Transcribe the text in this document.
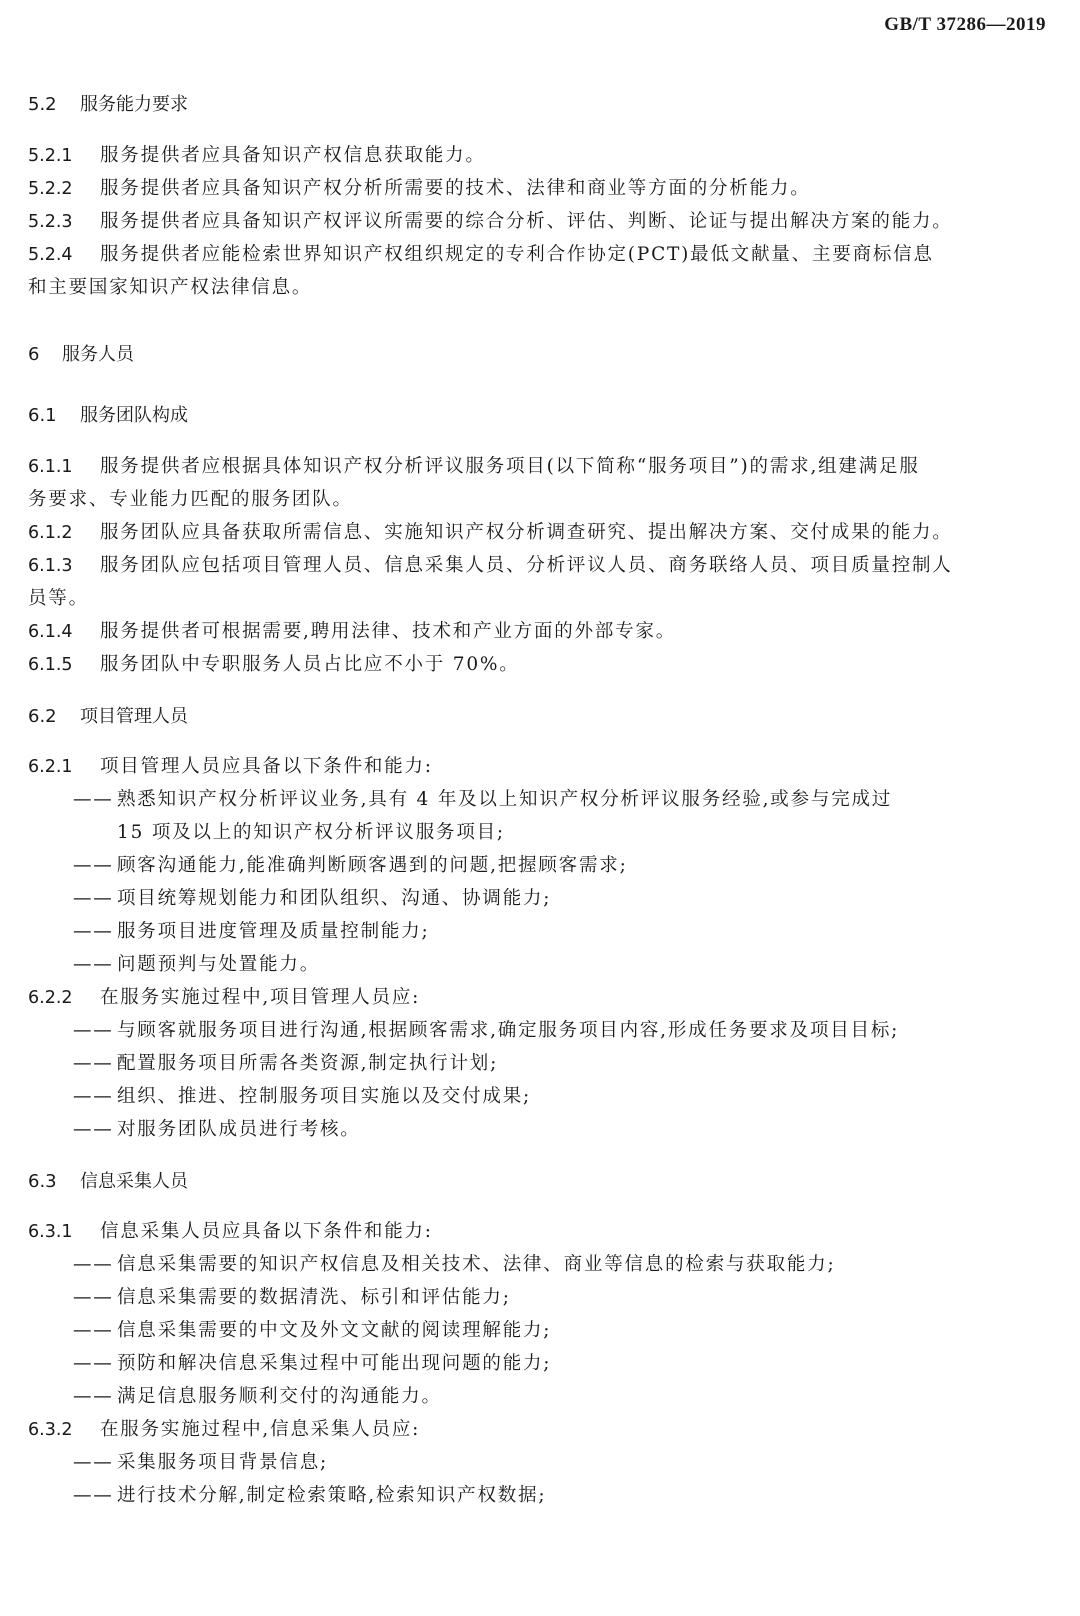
GB/T 37286—2019
5.2 服务能力要求
5.2.1 服务提供者应具备知识产权信息获取能力。
5.2.2 服务提供者应具备知识产权分析所需要的技术、法律和商业等方面的分析能力。
5.2.3 服务提供者应具备知识产权评议所需要的综合分析、评估、判断、论证与提出解决方案的能力。
5.2.4 服务提供者应能检索世界知识产权组织规定的专利合作协定(PCT)最低文献量、主要商标信息
和主要国家知识产权法律信息。
6 服务人员
6.1 服务团队构成
6.1.1 服务提供者应根据具体知识产权分析评议服务项目(以下简称“服务项目”)的需求,组建满足服
务要求、专业能力匹配的服务团队。
6.1.2 服务团队应具备获取所需信息、实施知识产权分析调查研究、提出解决方案、交付成果的能力。
6.1.3 服务团队应包括项目管理人员、信息采集人员、分析评议人员、商务联络人员、项目质量控制人
员等。
6.1.4 服务提供者可根据需要,聘用法律、技术和产业方面的外部专家。
6.1.5 服务团队中专职服务人员占比应不小于 70%。
6.2 项目管理人员
6.2.1 项目管理人员应具备以下条件和能力:
—— 熟悉知识产权分析评议业务,具有 4 年及以上知识产权分析评议服务经验,或参与完成过
15 项及以上的知识产权分析评议服务项目;
—— 顾客沟通能力,能准确判断顾客遇到的问题,把握顾客需求;
—— 项目统筹规划能力和团队组织、沟通、协调能力;
—— 服务项目进度管理及质量控制能力;
—— 问题预判与处置能力。
6.2.2 在服务实施过程中,项目管理人员应:
—— 与顾客就服务项目进行沟通,根据顾客需求,确定服务项目内容,形成任务要求及项目目标;
—— 配置服务项目所需各类资源,制定执行计划;
—— 组织、推进、控制服务项目实施以及交付成果;
—— 对服务团队成员进行考核。
6.3 信息采集人员
6.3.1 信息采集人员应具备以下条件和能力:
—— 信息采集需要的知识产权信息及相关技术、法律、商业等信息的检索与获取能力;
—— 信息采集需要的数据清洗、标引和评估能力;
—— 信息采集需要的中文及外文文献的阅读理解能力;
—— 预防和解决信息采集过程中可能出现问题的能力;
—— 满足信息服务顺利交付的沟通能力。
6.3.2 在服务实施过程中,信息采集人员应:
—— 采集服务项目背景信息;
—— 进行技术分解,制定检索策略,检索知识产权数据;
